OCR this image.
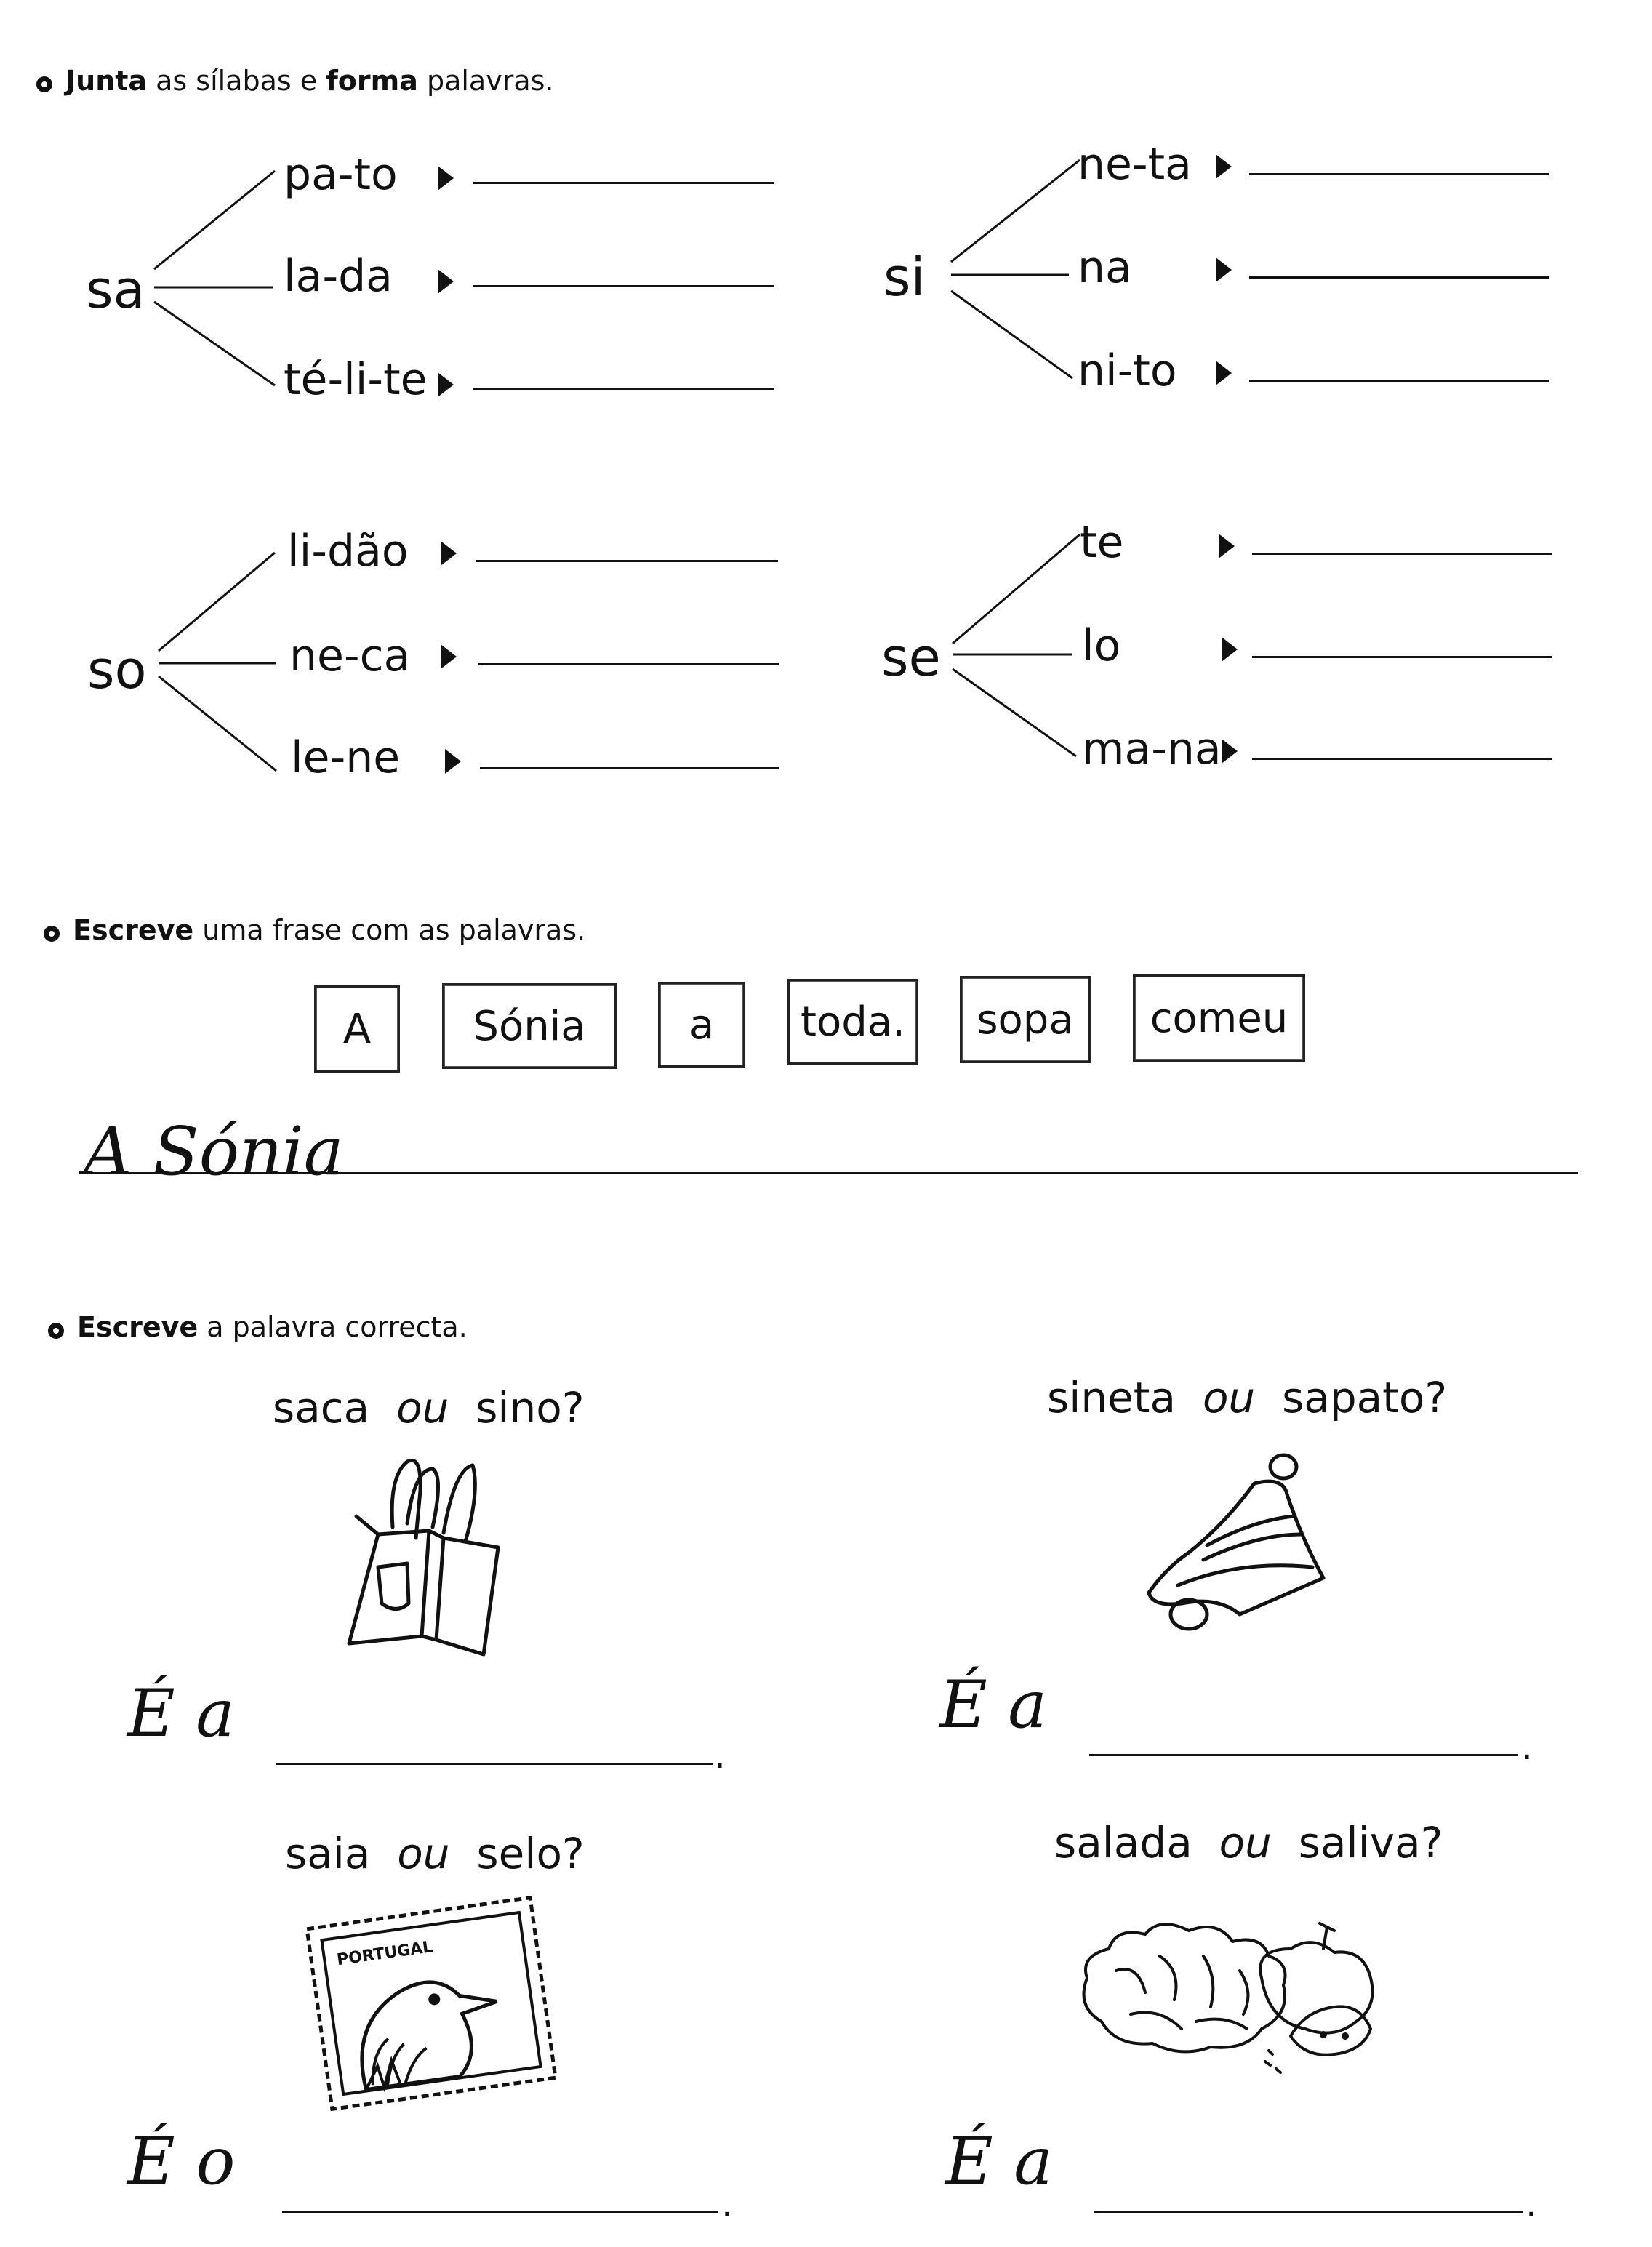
Junta as sílabas e forma palavras.
sa
pa-to
la-da
té-li-te
si
ne-ta
na
ni-to
so
li-dão
ne-ca
le-ne
se
te
lo
ma-na
Escreve uma frase com as palavras.
A	Sónia	a	toda.	sopa	comeu
A Sónia
Escreve a palavra correcta.
saca ou sino?
É a
.
sineta ou sapato?
É a
.
saia ou selo?
PORTUGAL
É o
.
salada ou saliva?
É a
.
